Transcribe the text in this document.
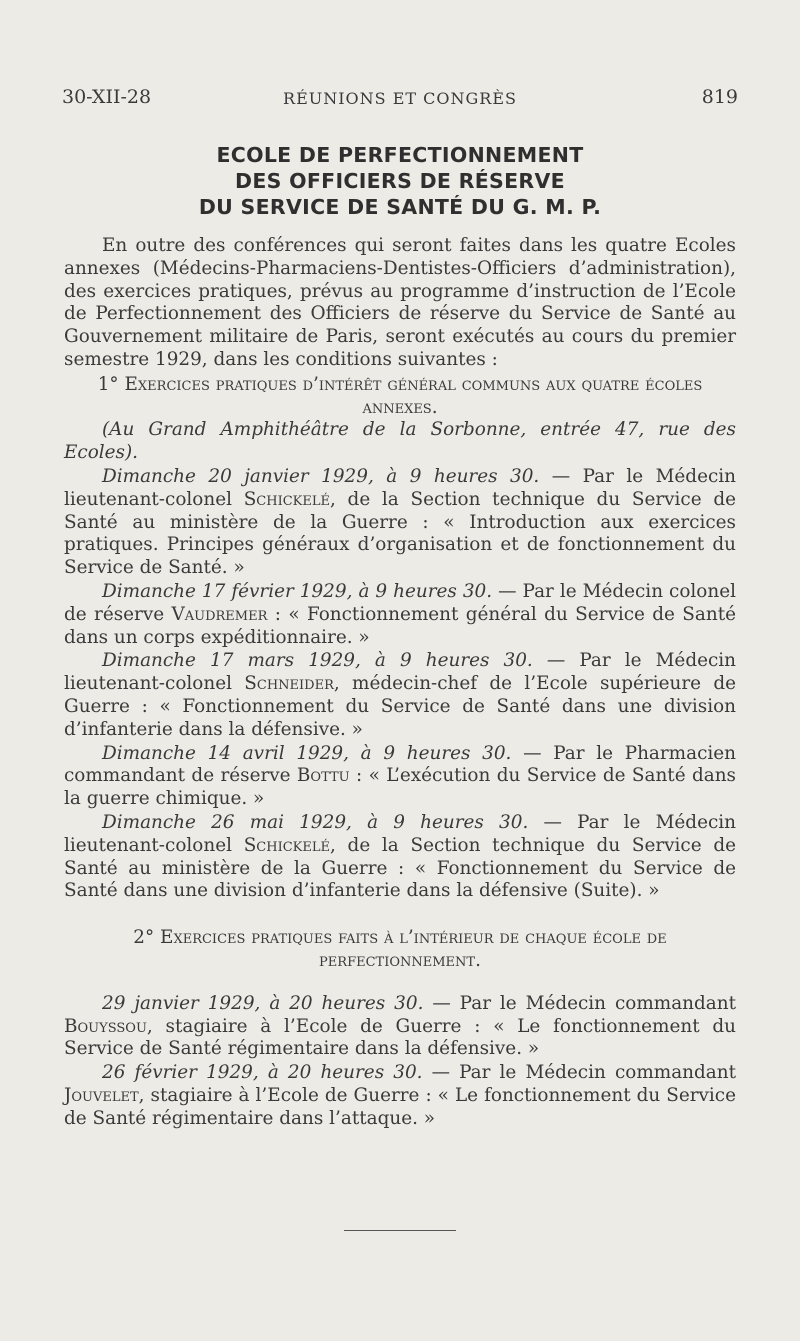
30-XII-28	RÉUNIONS ET CONGRÈS	819
ECOLE DE PERFECTIONNEMENT
DES OFFICIERS DE RÉSERVE
DU SERVICE DE SANTÉ DU G. M. P.

En outre des conférences qui seront faites dans les quatre Ecoles annexes (Médecins-Pharmaciens-Dentistes-Officiers d’administration), des exercices pratiques, prévus au programme d’instruction de l’Ecole de Perfectionnement des Officiers de réserve du Service de Santé au Gouvernement militaire de Paris, seront exécutés au cours du premier semestre 1929, dans les conditions suivantes :

1° Exercices pratiques d’intérêt général communs aux quatre écoles annexes.

(Au Grand Amphithéâtre de la Sorbonne, entrée 47, rue des Ecoles).

Dimanche 20 janvier 1929, à 9 heures 30. — Par le Médecin lieutenant-colonel Schickelé, de la Section technique du Service de Santé au ministère de la Guerre : « Introduction aux exercices pratiques. Principes généraux d’organisation et de fonctionnement du Service de Santé. »

Dimanche 17 février 1929, à 9 heures 30. — Par le Médecin colonel de réserve Vaudremer : « Fonctionnement général du Service de Santé dans un corps expéditionnaire. »

Dimanche 17 mars 1929, à 9 heures 30. — Par le Médecin lieutenant-colonel Schneider, médecin-chef de l’Ecole supérieure de Guerre : « Fonctionnement du Service de Santé dans une division d’infanterie dans la défensive. »

Dimanche 14 avril 1929, à 9 heures 30. — Par le Pharmacien commandant de réserve Bottu : « L’exécution du Service de Santé dans la guerre chimique. »

Dimanche 26 mai 1929, à 9 heures 30. — Par le Médecin lieutenant-colonel Schickelé, de la Section technique du Service de Santé au ministère de la Guerre : « Fonctionnement du Service de Santé dans une division d’infanterie dans la défensive (Suite). »

2° Exercices pratiques faits à l’intérieur de chaque école de perfectionnement.

29 janvier 1929, à 20 heures 30. — Par le Médecin commandant Bouyssou, stagiaire à l’Ecole de Guerre : « Le fonctionnement du Service de Santé régimentaire dans la défensive. »

26 février 1929, à 20 heures 30. — Par le Médecin commandant Jouvelet, stagiaire à l’Ecole de Guerre : « Le fonctionnement du Service de Santé régimentaire dans l’attaque. »
